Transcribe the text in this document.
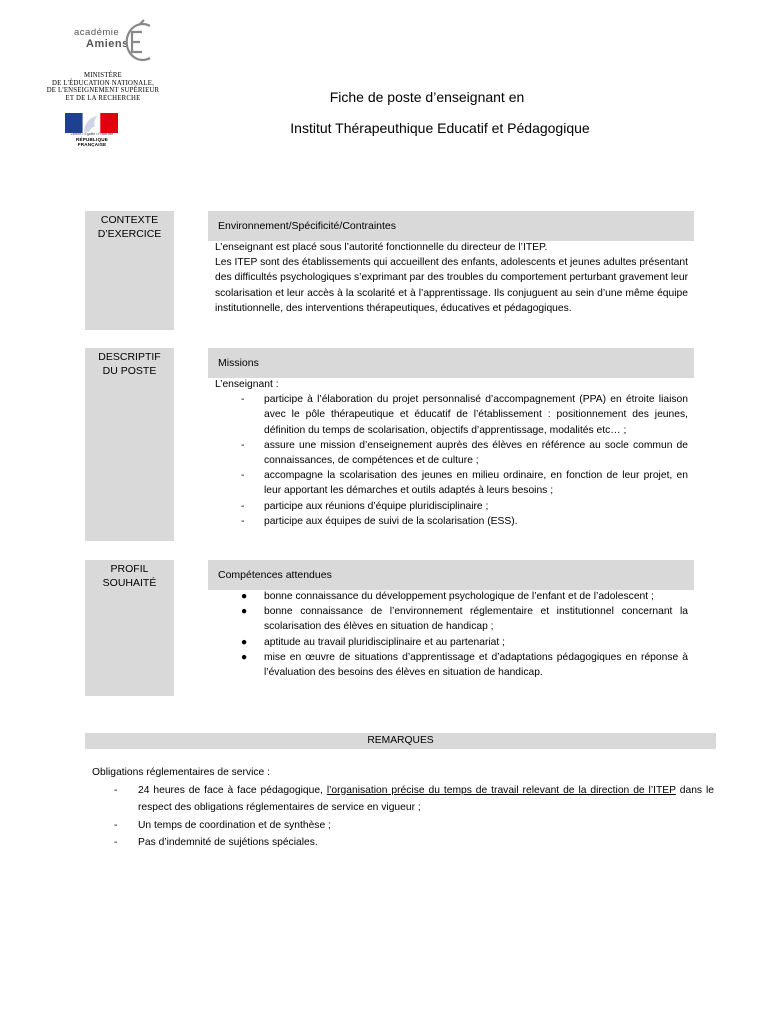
académie
Amiens
MINISTÈRE
DE L'ÉDUCATION NATIONALE,
DE L'ENSEIGNEMENT SUPÉRIEUR
ET DE LA RECHERCHE
Liberté • Égalité • Fraternité
RÉPUBLIQUE FRANÇAISE
Fiche de poste d’enseignant en
Institut Thérapeuthique Educatif et Pédagogique
CONTEXTE
D’EXERCICE
Environnement/Spécificité/Contraintes

L’enseignant est placé sous l’autorité fonctionnelle du directeur de l’ITEP.

Les ITEP sont des établissements qui accueillent des enfants, adolescents et jeunes adultes présentant des difficultés psychologiques s’exprimant par des troubles du comportement perturbant gravement leur scolarisation et leur accès à la scolarité et à l’apprentissage. Ils conjuguent au sein d’une même équipe institutionnelle, des interventions thérapeutiques, éducatives et pédagogiques.

DESCRIPTIF
DU POSTE
Missions

L’enseignant :

- participe à l’élaboration du projet personnalisé d’accompagnement (PPA) en étroite liaison avec le pôle thérapeutique et éducatif de l’établissement : positionnement des jeunes, définition du temps de scolarisation, objectifs d’apprentissage, modalités etc… ;
- assure une mission d’enseignement auprès des élèves en référence au socle commun de connaissances, de compétences et de culture ;
- accompagne la scolarisation des jeunes en milieu ordinaire, en fonction de leur projet, en leur apportant les démarches et outils adaptés à leurs besoins ;
- participe aux réunions d’équipe pluridisciplinaire ;
- participe aux équipes de suivi de la scolarisation (ESS).
PROFIL
SOUHAITÉ
Compétences attendues
● bonne connaissance du développement psychologique de l’enfant et de l’adolescent ;
● bonne connaissance de l’environnement réglementaire et institutionnel concernant la scolarisation des élèves en situation de handicap ;
● aptitude au travail pluridisciplinaire et au partenariat ;
● mise en œuvre de situations d’apprentissage et d’adaptations pédagogiques en réponse à l’évaluation des besoins des élèves en situation de handicap.
REMARQUES

Obligations réglementaires de service :

- 24 heures de face à face pédagogique, l’organisation précise du temps de travail relevant de la direction de l’ITEP dans le respect des obligations réglementaires de service en vigueur ;
- Un temps de coordination et de synthèse ;
- Pas d’indemnité de sujétions spéciales.
